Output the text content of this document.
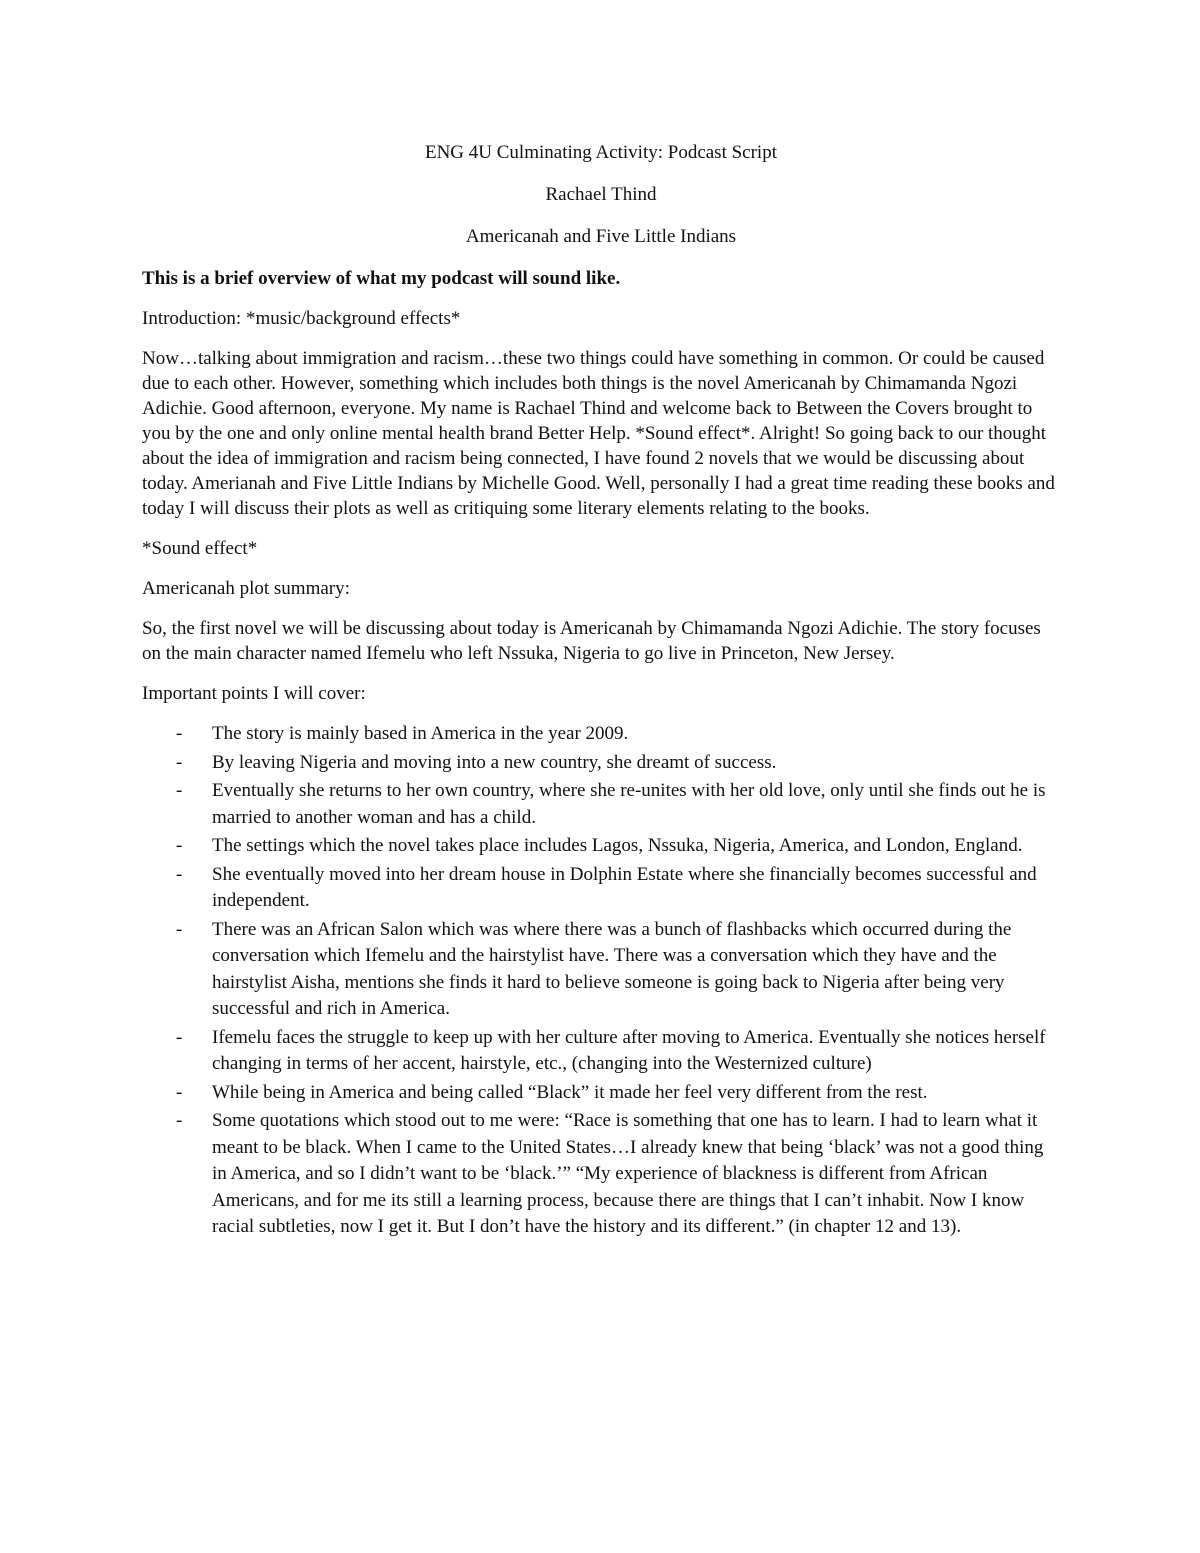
ENG 4U Culminating Activity: Podcast Script

Rachael Thind

Americanah and Five Little Indians

This is a brief overview of what my podcast will sound like.

Introduction: *music/background effects*

Now…talking about immigration and racism…these two things could have something in common. Or could be caused due to each other. However, something which includes both things is the novel Americanah by Chimamanda Ngozi Adichie. Good afternoon, everyone. My name is Rachael Thind and welcome back to Between the Covers brought to you by the one and only online mental health brand Better Help. *Sound effect*. Alright! So going back to our thought about the idea of immigration and racism being connected, I have found 2 novels that we would be discussing about today. Amerianah and Five Little Indians by Michelle Good. Well, personally I had a great time reading these books and today I will discuss their plots as well as critiquing some literary elements relating to the books.

*Sound effect*

Americanah plot summary:

So, the first novel we will be discussing about today is Americanah by Chimamanda Ngozi Adichie. The story focuses on the main character named Ifemelu who left Nssuka, Nigeria to go live in Princeton, New Jersey.

Important points I will cover:

- The story is mainly based in America in the year 2009.
- By leaving Nigeria and moving into a new country, she dreamt of success.
- Eventually she returns to her own country, where she re-unites with her old love, only until she finds out he is married to another woman and has a child.
- The settings which the novel takes place includes Lagos, Nssuka, Nigeria, America, and London, England.
- She eventually moved into her dream house in Dolphin Estate where she financially becomes successful and independent.
- There was an African Salon which was where there was a bunch of flashbacks which occurred during the conversation which Ifemelu and the hairstylist have. There was a conversation which they have and the hairstylist Aisha, mentions she finds it hard to believe someone is going back to Nigeria after being very successful and rich in America.
- Ifemelu faces the struggle to keep up with her culture after moving to America. Eventually she notices herself changing in terms of her accent, hairstyle, etc., (changing into the Westernized culture)
- While being in America and being called “Black” it made her feel very different from the rest.
- Some quotations which stood out to me were: “Race is something that one has to learn. I had to learn what it meant to be black. When I came to the United States…I already knew that being ‘black’ was not a good thing in America, and so I didn’t want to be ‘black.’” “My experience of blackness is different from African Americans, and for me its still a learning process, because there are things that I can’t inhabit. Now I know racial subtleties, now I get it. But I don’t have the history and its different.” (in chapter 12 and 13).
